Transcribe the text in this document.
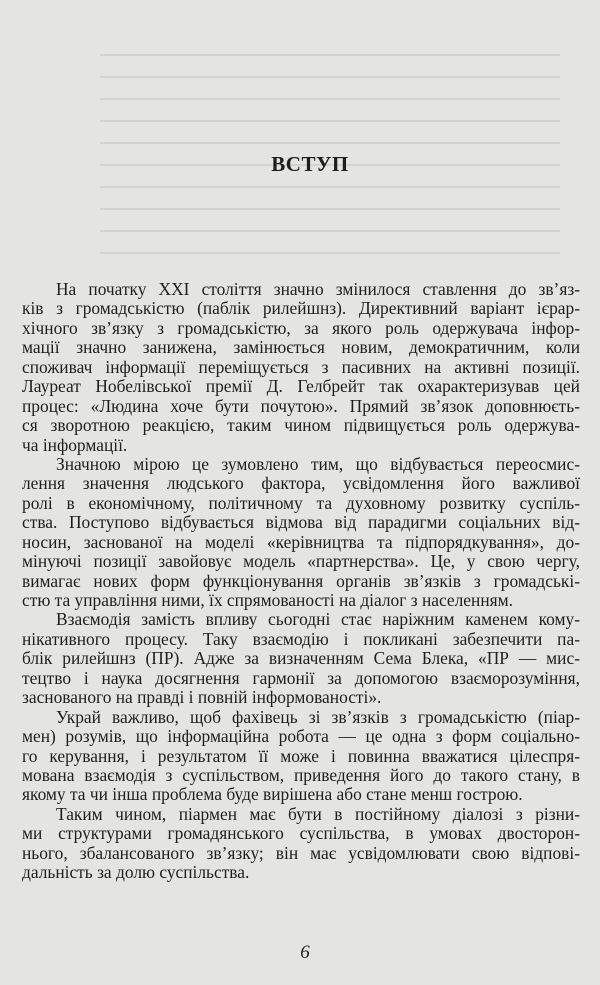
ВСТУП
На початку XXI століття значно змінилося ставлення до зв’яз-
ків з громадськістю (паблік рилейшнз). Директивний варіант ієрар-
хічного зв’язку з громадськістю, за якого роль одержувача інфор-
мації значно занижена, замінюється новим, демократичним, коли
споживач інформації переміщується з пасивних на активні позиції.
Лауреат Нобелівської премії Д. Гелбрейт так охарактеризував цей
процес: «Людина хоче бути почутою». Прямий зв’язок доповнюєть-
ся зворотною реакцією, таким чином підвищується роль одержува-
ча інформації.
Значною мірою це зумовлено тим, що відбувається переосмис-
лення значення людського фактора, усвідомлення його важливої
ролі в економічному, політичному та духовному розвитку суспіль-
ства. Поступово відбувається відмова від парадигми соціальних від-
носин, заснованої на моделі «керівництва та підпорядкування», до-
мінуючі позиції завойовує модель «партнерства». Це, у свою чергу,
вимагає нових форм функціонування органів зв’язків з громадські-
стю та управління ними, їх спрямованості на діалог з населенням.
Взаємодія замість впливу сьогодні стає наріжним каменем кому-
нікативного процесу. Таку взаємодію і покликані забезпечити па-
блік рилейшнз (ПР). Адже за визначенням Сема Блека, «ПР — мис-
тецтво і наука досягнення гармонії за допомогою взаєморозуміння,
заснованого на правді і повній інформованості».
Украй важливо, щоб фахівець зі зв’язків з громадськістю (піар-
мен) розумів, що інформаційна робота — це одна з форм соціально-
го керування, і результатом її може і повинна вважатися цілеспря-
мована взаємодія з суспільством, приведення його до такого стану, в
якому та чи інша проблема буде вирішена або стане менш гострою.
Таким чином, піармен має бути в постійному діалозі з різни-
ми структурами громадянського суспільства, в умовах двосторон-
нього, збалансованого зв’язку; він має усвідомлювати свою відпові-
дальність за долю суспільства.
6
